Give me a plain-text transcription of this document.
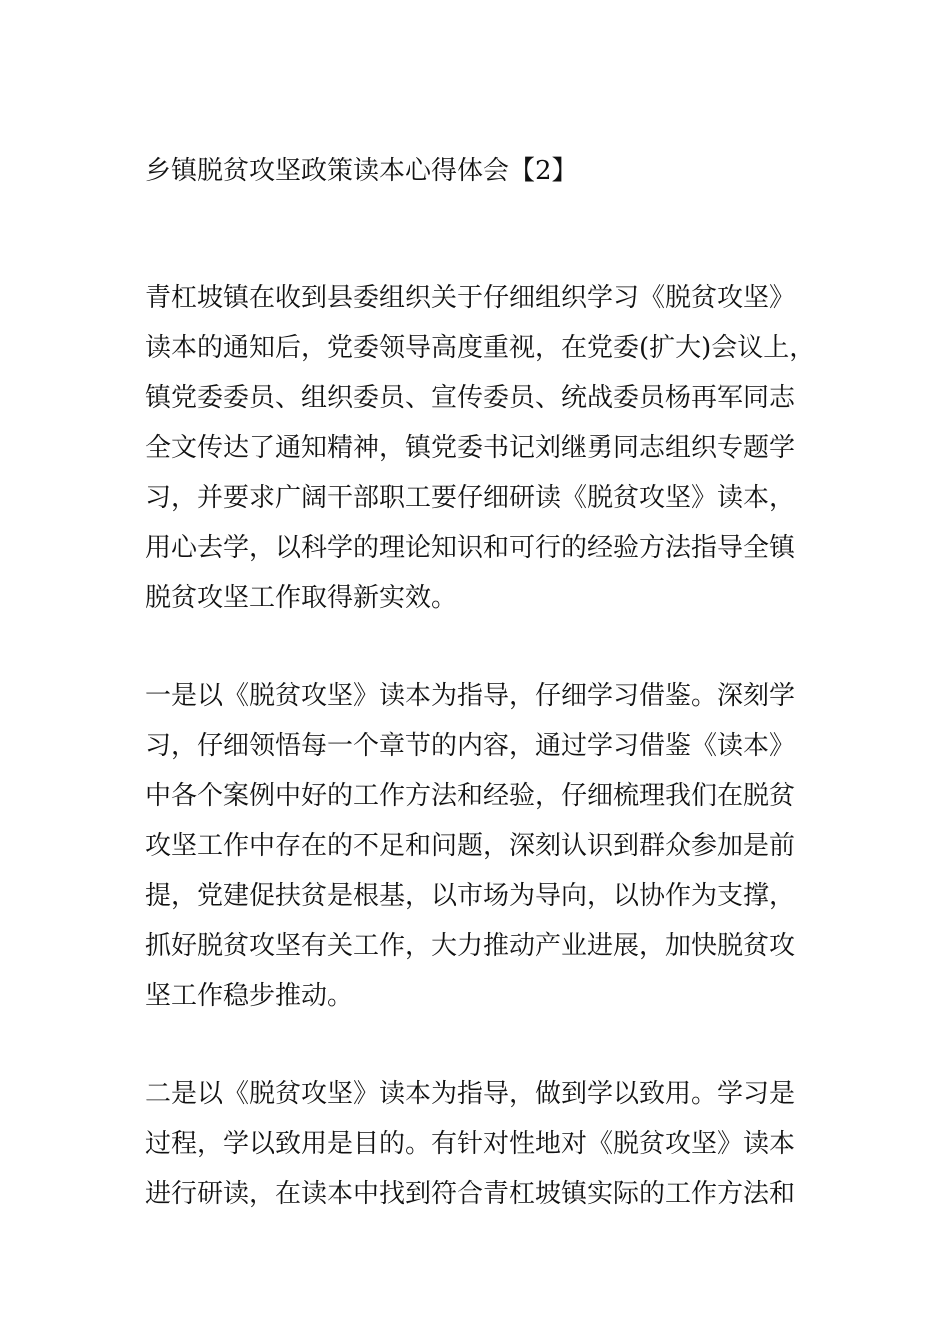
乡镇脱贫攻坚政策读本心得体会【2】
青杠坡镇在收到县委组织关于仔细组织学习《脱贫攻坚》
读本的通知后，党委领导高度重视，在党委(扩大)会议上，
镇党委委员、组织委员、宣传委员、统战委员杨再军同志
全文传达了通知精神，镇党委书记刘继勇同志组织专题学
习，并要求广阔干部职工要仔细研读《脱贫攻坚》读本，
用心去学，以科学的理论知识和可行的经验方法指导全镇
脱贫攻坚工作取得新实效。
一是以《脱贫攻坚》读本为指导，仔细学习借鉴。深刻学
习，仔细领悟每一个章节的内容，通过学习借鉴《读本》
中各个案例中好的工作方法和经验，仔细梳理我们在脱贫
攻坚工作中存在的不足和问题，深刻认识到群众参加是前
提，党建促扶贫是根基，以市场为导向，以协作为支撑，
抓好脱贫攻坚有关工作，大力推动产业进展，加快脱贫攻
坚工作稳步推动。
二是以《脱贫攻坚》读本为指导，做到学以致用。学习是
过程，学以致用是目的。有针对性地对《脱贫攻坚》读本
进行研读，在读本中找到符合青杠坡镇实际的工作方法和
